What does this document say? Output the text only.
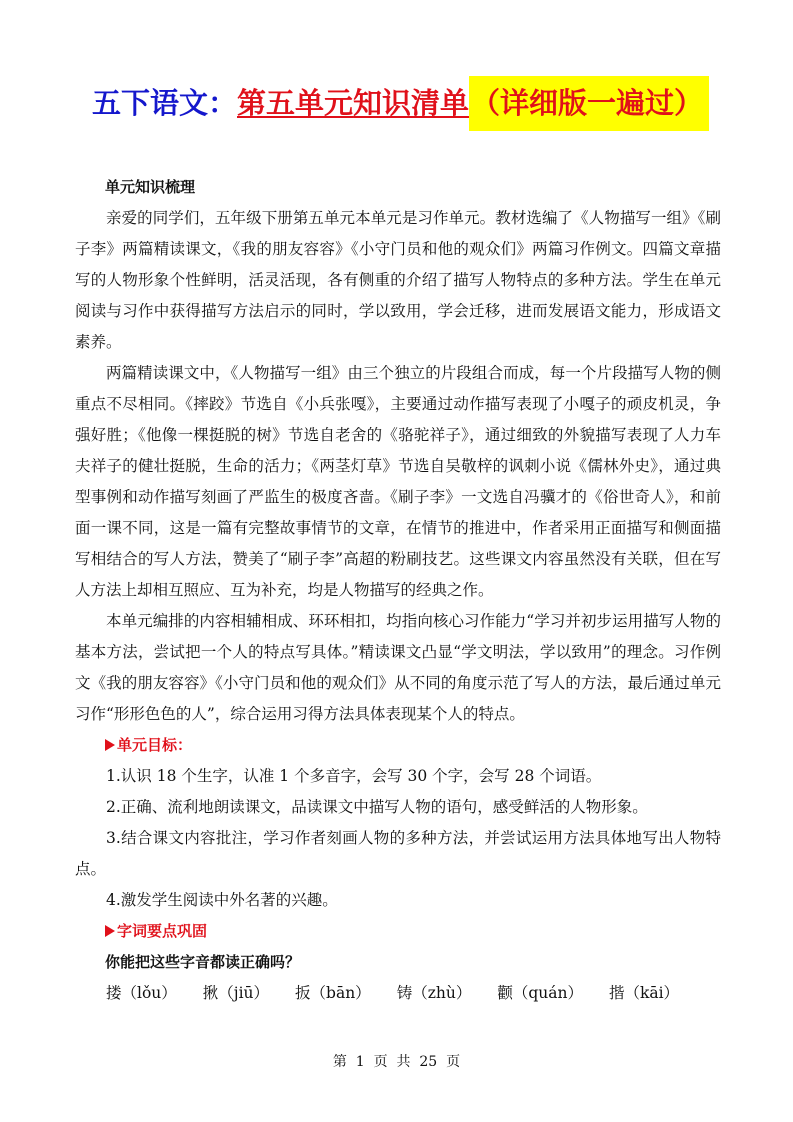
五下语文： 第五单元 知识清单 （详细版一遍过）
单元知识梳理

亲爱的同学们，五年级下册第五单元本单元是习作单元。教材选编了《人物描写一组》《刷子李》两篇精读课文，《我的朋友容容》《小守门员和他的观众们》两篇习作例文。四篇文章描写的人物形象个性鲜明，活灵活现，各有侧重的介绍了描写人物特点的多种方法。学生在单元阅读与习作中获得描写方法启示的同时，学以致用，学会迁移，进而发展语文能力，形成语文素养。

两篇精读课文中，《人物描写一组》由三个独立的片段组合而成，每一个片段描写人物的侧重点不尽相同。《摔跤》节选自《小兵张嘎》，主要通过动作描写表现了小嘎子的顽皮机灵，争强好胜；《他像一棵挺脱的树》节选自老舍的《骆驼祥子》，通过细致的外貌描写表现了人力车夫祥子的健壮挺脱，生命的活力；《两茎灯草》节选自吴敬梓的讽刺小说《儒林外史》，通过典型事例和动作描写刻画了严监生的极度吝啬。《刷子李》一文选自冯骥才的《俗世奇人》，和前面一课不同，这是一篇有完整故事情节的文章，在情节的推进中，作者采用正面描写和侧面描写相结合的写人方法，赞美了“刷子李”高超的粉刷技艺。这些课文内容虽然没有关联，但在写人方法上却相互照应、互为补充，均是人物描写的经典之作。

本单元编排的内容相辅相成、环环相扣，均指向核心习作能力“学习并初步运用描写人物的基本方法，尝试把一个人的特点写具体。”精读课文凸显“学文明法，学以致用”的理念。习作例文《我的朋友容容》《小守门员和他的观众们》从不同的角度示范了写人的方法，最后通过单元习作“形形色色的人”，综合运用习得方法具体表现某个人的特点。

单元目标：

1.认识 18 个生字，认准 1 个多音字，会写 30 个字，会写 28 个词语。

2.正确、流利地朗读课文，品读课文中描写人物的语句，感受鲜活的人物形象。

3.结合课文内容批注，学习作者刻画人物的多种方法，并尝试运用方法具体地写出人物特点。

4.激发学生阅读中外名著的兴趣。

字词要点巩固
你能把这些字音都读正确吗？
搂（lǒu） 揪（jiū） 扳（bān） 铸（zhù） 颧（quán） 揩（kāi）
第  1  页  共  25  页
